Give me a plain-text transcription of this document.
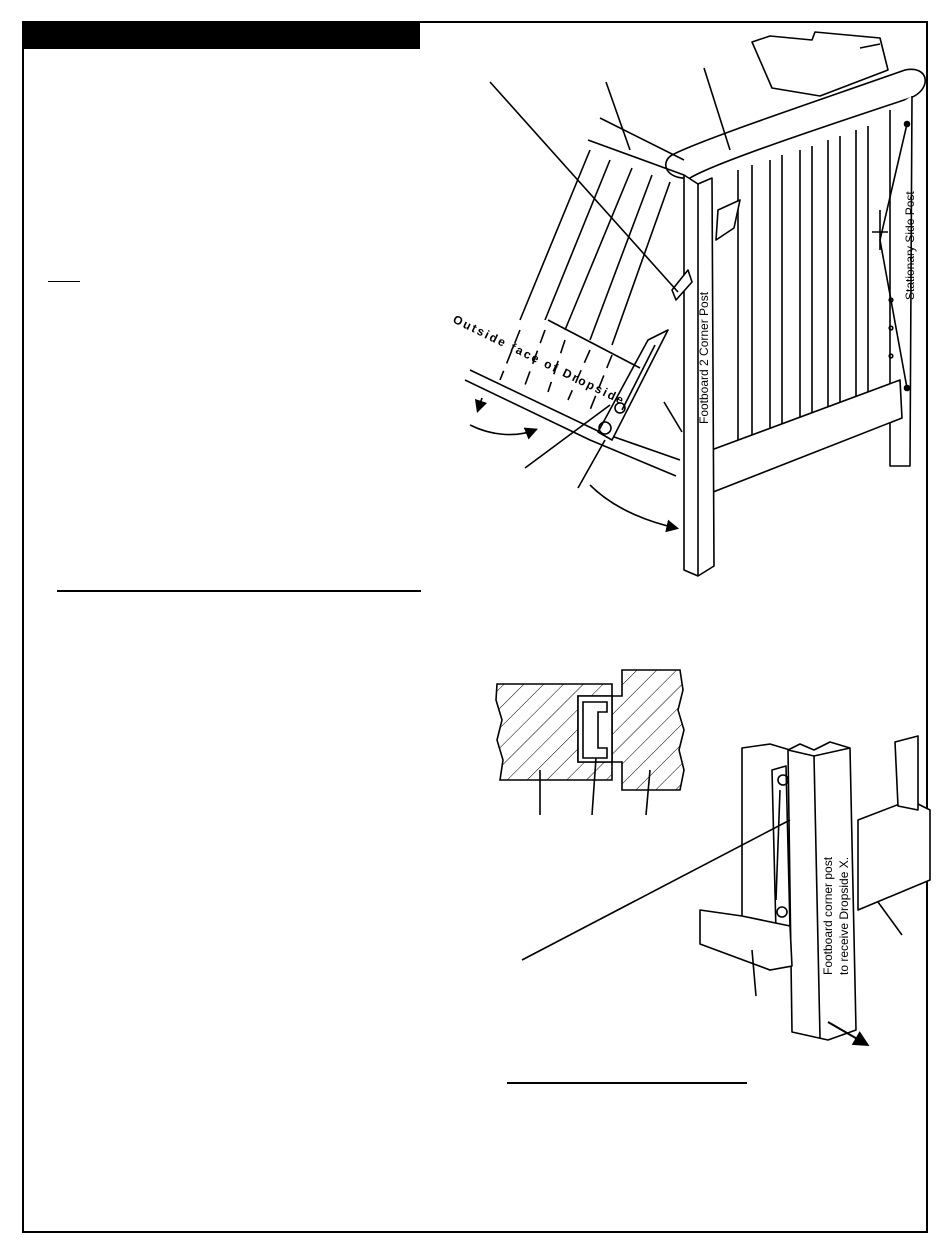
Stationary Side Post
Footboard 2 Corner Post
Outside face of Dropside
Footboard corner post to receive Dropside X.
